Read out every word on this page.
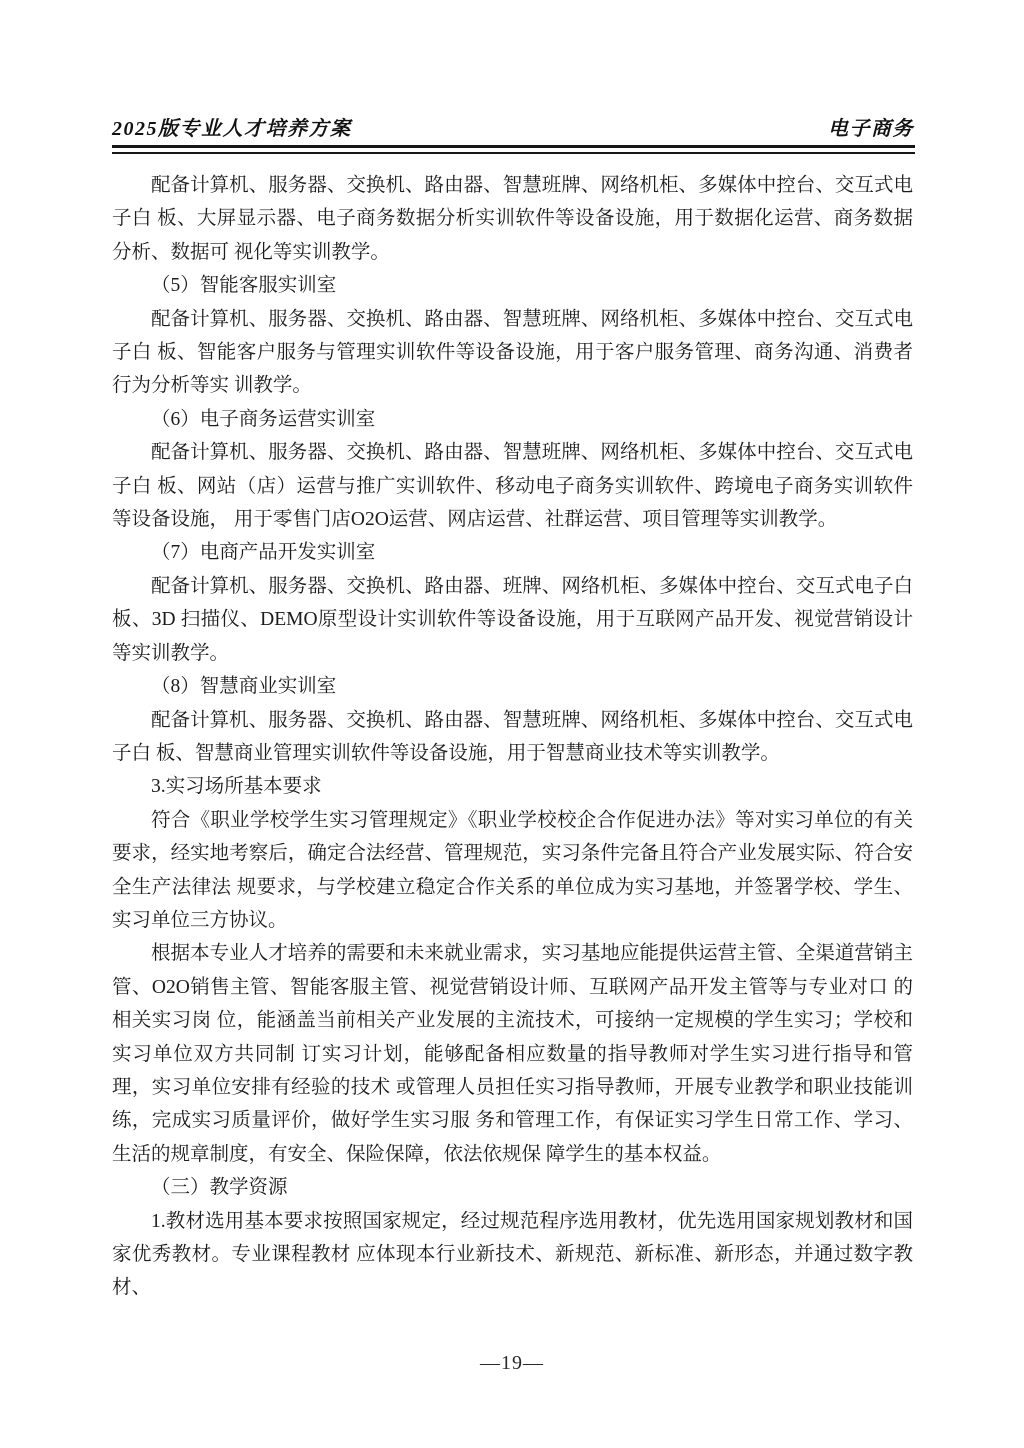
2025版专业人才培养方案	电子商务

配备计算机、服务器、交换机、路由器、智慧班牌、网络机柜、多媒体中控台、交互式电子白 板、大屏显示器、电子商务数据分析实训软件等设备设施，用于数据化运营、商务数据分析、数据可 视化等实训教学。

（5）智能客服实训室

配备计算机、服务器、交换机、路由器、智慧班牌、网络机柜、多媒体中控台、交互式电子白 板、智能客户服务与管理实训软件等设备设施，用于客户服务管理、商务沟通、消费者行为分析等实 训教学。

（6）电子商务运营实训室

配备计算机、服务器、交换机、路由器、智慧班牌、网络机柜、多媒体中控台、交互式电子白 板、网站（店）运营与推广实训软件、移动电子商务实训软件、跨境电子商务实训软件等设备设施， 用于零售门店O2O运营、网店运营、社群运营、项目管理等实训教学。

（7）电商产品开发实训室

配备计算机、服务器、交换机、路由器、班牌、网络机柜、多媒体中控台、交互式电子白 板、3D 扫描仪、DEMO原型设计实训软件等设备设施，用于互联网产品开发、视觉营销设计等实训教学。

（8）智慧商业实训室

配备计算机、服务器、交换机、路由器、智慧班牌、网络机柜、多媒体中控台、交互式电子白 板、智慧商业管理实训软件等设备设施，用于智慧商业技术等实训教学。

3.实习场所基本要求

符合《职业学校学生实习管理规定》《职业学校校企合作促进办法》等对实习单位的有关要求，经实地考察后，确定合法经营、管理规范，实习条件完备且符合产业发展实际、符合安全生产法律法 规要求，与学校建立稳定合作关系的单位成为实习基地，并签署学校、学生、实习单位三方协议。

根据本专业人才培养的需要和未来就业需求，实习基地应能提供运营主管、全渠道营销主管、O2O销售主管、智能客服主管、视觉营销设计师、互联网产品开发主管等与专业对口 的相关实习岗 位，能涵盖当前相关产业发展的主流技术，可接纳一定规模的学生实习；学校和实习单位双方共同制 订实习计划，能够配备相应数量的指导教师对学生实习进行指导和管理，实习单位安排有经验的技术 或管理人员担任实习指导教师，开展专业教学和职业技能训练，完成实习质量评价，做好学生实习服 务和管理工作，有保证实习学生日常工作、学习、生活的规章制度，有安全、保险保障，依法依规保 障学生的基本权益。

（三）教学资源

1.教材选用基本要求按照国家规定，经过规范程序选用教材，优先选用国家规划教材和国家优秀教材。专业课程教材 应体现本行业新技术、新规范、新标准、新形态，并通过数字教材、

—19—
